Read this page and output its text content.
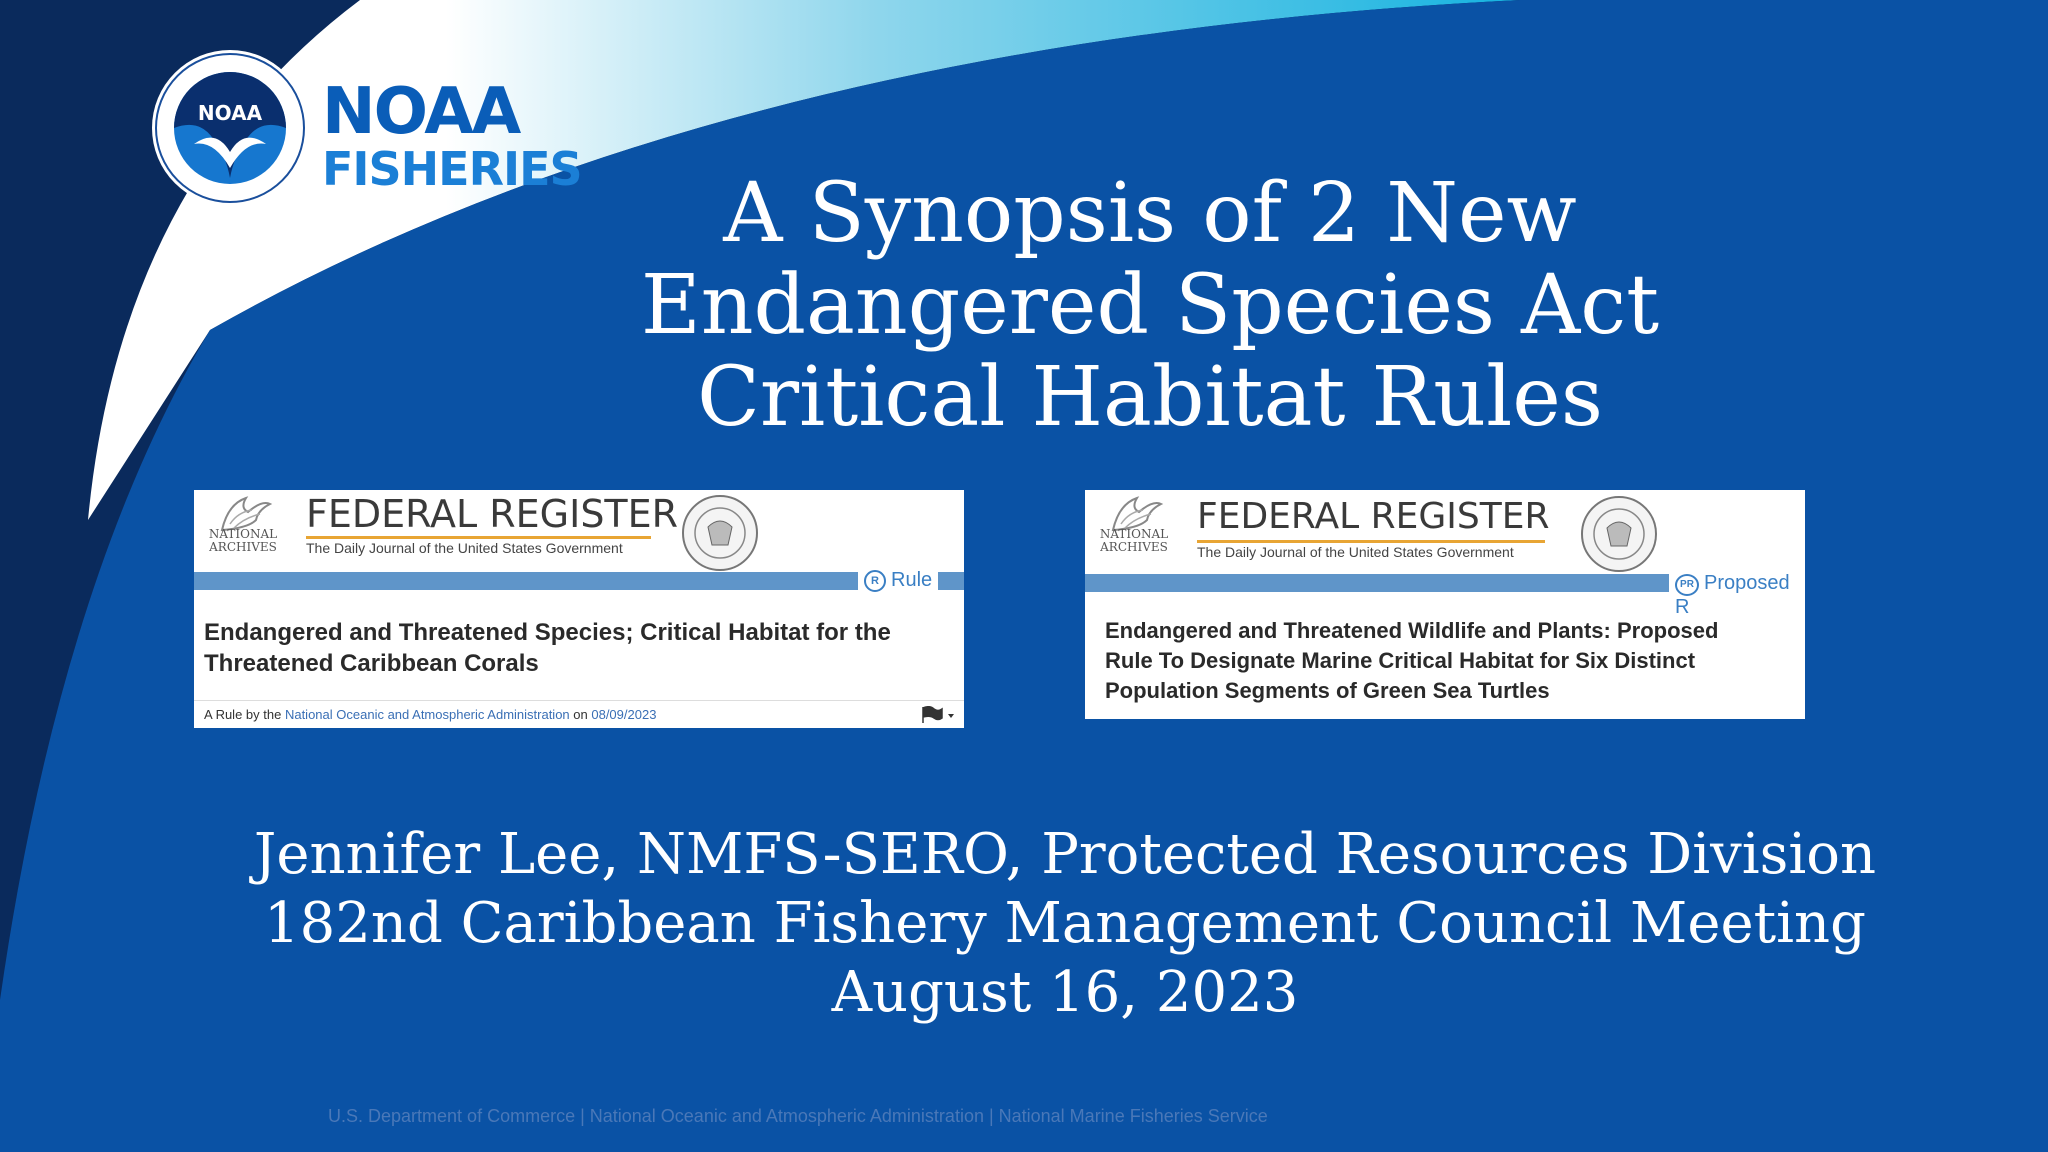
NOAA NOAA
FISHERIES	A Synopsis of 2 New
Endangered Species Act
Critical Habitat Rules
NATIONAL
ARCHIVES
FEDERAL REGISTER
The Daily Journal of the United States Government
R Rule
Endangered and Threatened Species; Critical Habitat for the
Threatened Caribbean Corals
A Rule by the National Oceanic and Atmospheric Administration on 08/09/2023
NATIONAL
ARCHIVES
FEDERAL REGISTER
The Daily Journal of the United States Government
PR Proposed R
Endangered and Threatened Wildlife and Plants: Proposed
Rule To Designate Marine Critical Habitat for Six Distinct
Population Segments of Green Sea Turtles
Jennifer Lee, NMFS-SERO, Protected Resources Division
182nd Caribbean Fishery Management Council Meeting
August 16, 2023
U.S. Department of Commerce | National Oceanic and Atmospheric Administration | National Marine Fisheries Service
